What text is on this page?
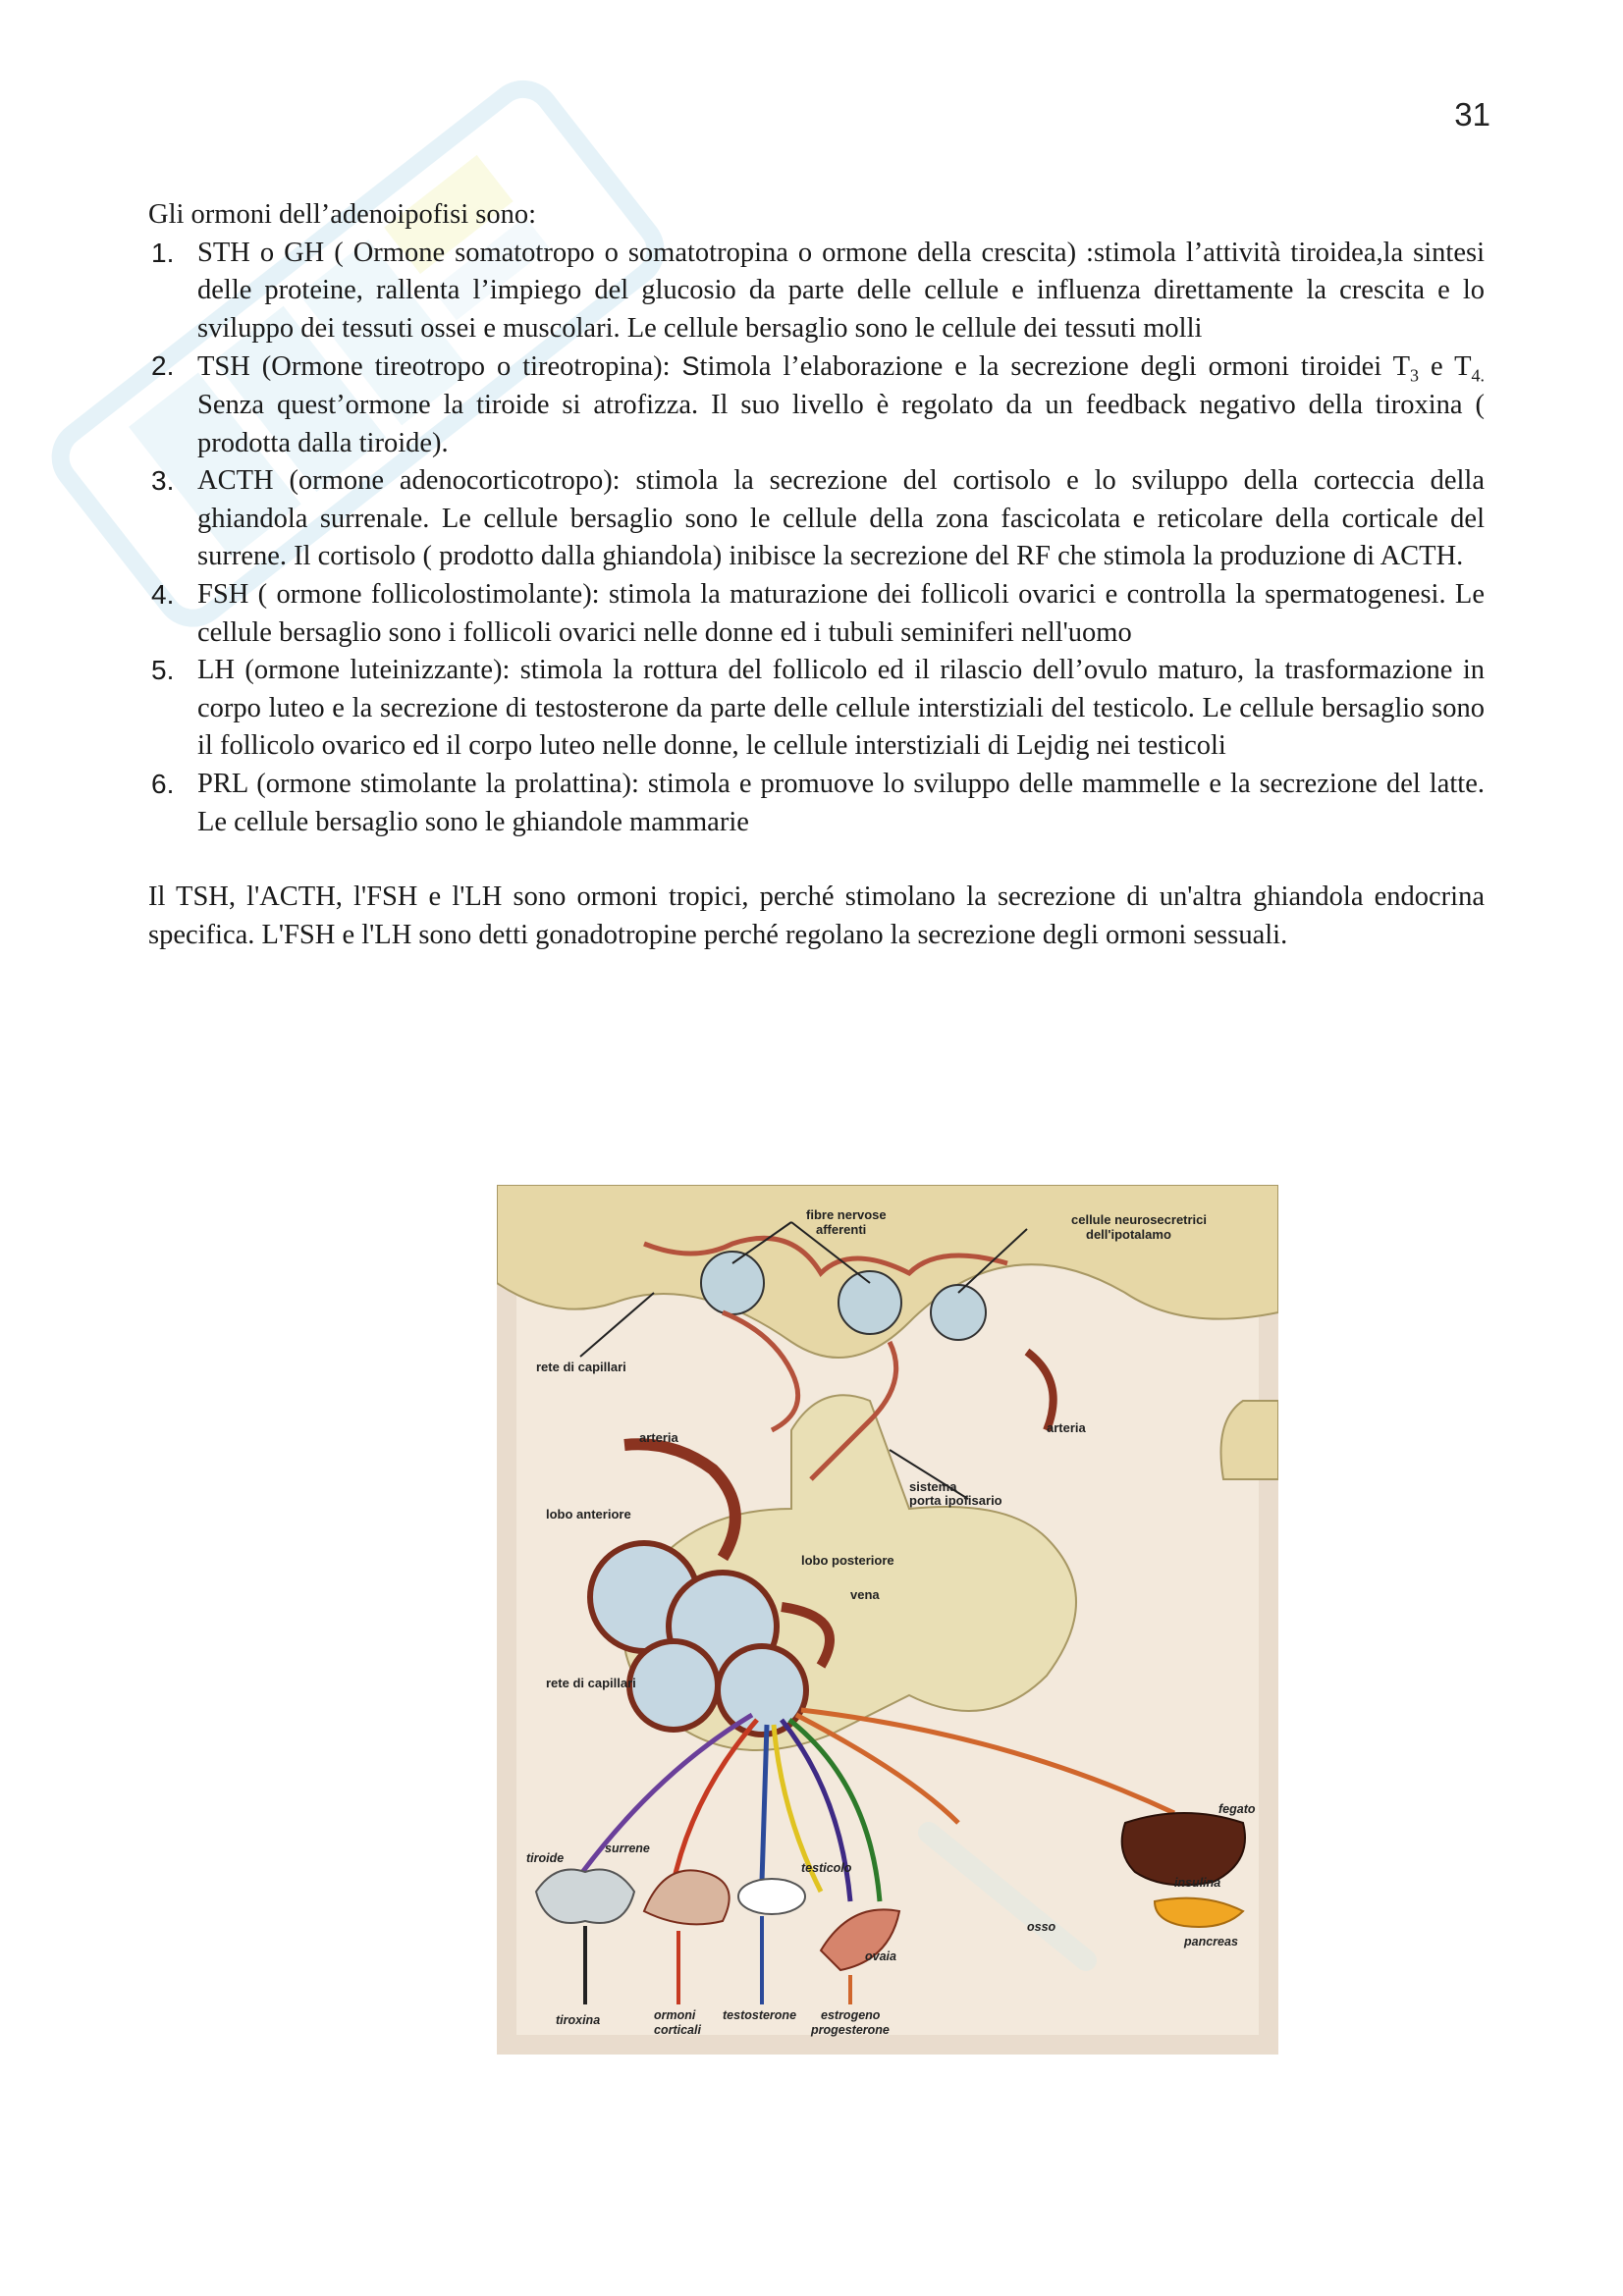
31

Gli ormoni dell’adenoipofisi sono:

1. STH o GH ( Ormone somatotropo o somatotropina o ormone della crescita) :stimola l’attività tiroidea,la sintesi delle proteine, rallenta l’impiego del glucosio da parte delle cellule e influenza direttamente la crescita e lo sviluppo dei tessuti ossei e muscolari. Le cellule bersaglio sono le cellule dei tessuti molli
2. TSH (Ormone tireotropo o tireotropina): Stimola l’elaborazione e la secrezione degli ormoni tiroidei $T_3$ e $T_{4.}$ Senza quest’ormone la tiroide si atrofizza. Il suo livello è regolato da un feedback negativo della tiroxina ( prodotta dalla tiroide).
3. ACTH (ormone adenocorticotropo): stimola la secrezione del cortisolo e lo sviluppo della corteccia della ghiandola surrenale. Le cellule bersaglio sono le cellule della zona fascicolata e reticolare della corticale del surrene. Il cortisolo ( prodotto dalla ghiandola) inibisce la secrezione del RF che stimola la produzione di ACTH.
4. FSH ( ormone follicolostimolante): stimola la maturazione dei follicoli ovarici e controlla la spermatogenesi. Le cellule bersaglio sono i follicoli ovarici nelle donne ed i tubuli seminiferi nell'uomo
5. LH (ormone luteinizzante): stimola la rottura del follicolo ed il rilascio dell’ovulo maturo, la trasformazione in corpo luteo e la secrezione di testosterone da parte delle cellule interstiziali del testicolo. Le cellule bersaglio sono il follicolo ovarico ed il corpo luteo nelle donne, le cellule interstiziali di Lejdig nei testicoli
6. PRL (ormone stimolante la prolattina): stimola e promuove lo sviluppo delle mammelle e la secrezione del latte. Le cellule bersaglio sono le ghiandole mammarie

Il TSH, l'ACTH, l'FSH e l'LH sono ormoni tropici, perché stimolano la secrezione di un'altra ghiandola endocrina specifica. L'FSH e l'LH sono detti gonadotropine perché regolano la secrezione degli ormoni sessuali.

fibre nervose
afferenti
cellule neurosecretrici
dell'ipotalamo
rete di capillari
arteria
arteria
sistema
porta ipofisario
lobo anteriore
lobo posteriore
vena
rete di capillari
tiroide
surrene
testicolo
ovaia
osso
fegato
insulina
pancreas
tiroxina	ormoni
corticali
testosterone estrogeno
progesterone
